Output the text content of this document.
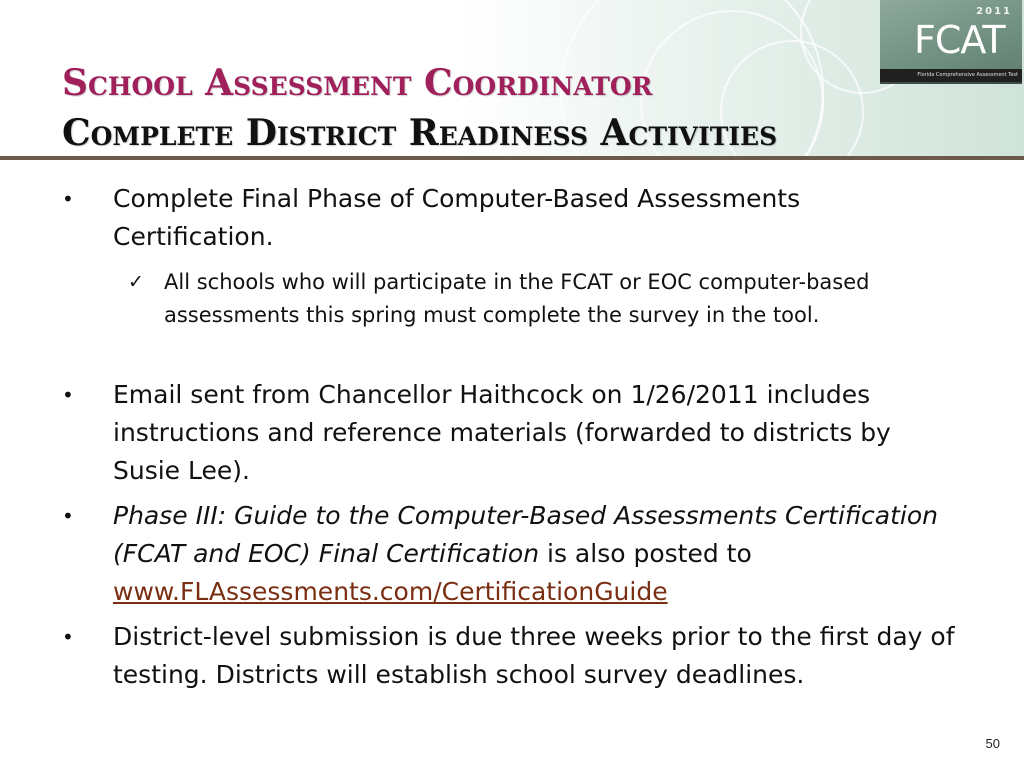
2011
FCAT
Florida Comprehensive Assessment Test
School Assessment Coordinator
Complete District Readiness Activities
• Complete Final Phase of Computer-Based Assessments Certification.
✓ All schools who will participate in the FCAT or EOC computer-based assessments this spring must complete the survey in the tool.
• Email sent from Chancellor Haithcock on 1/26/2011 includes instructions and reference materials (forwarded to districts by Susie Lee).
• Phase III: Guide to the Computer-Based Assessments Certification (FCAT and EOC) Final Certification is also posted to www.FLAssessments.com/CertificationGuide
• District-level submission is due three weeks prior to the first day of testing. Districts will establish school survey deadlines.
50
